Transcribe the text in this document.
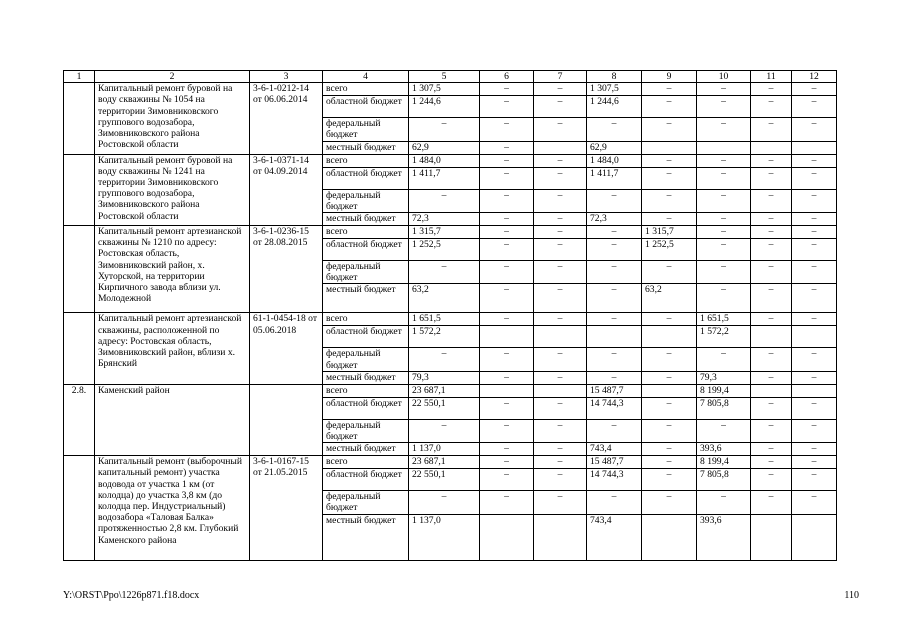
1	2	3	4	5	6	7	8	9	10	11	12
	Капитальный ремонт буровой на воду скважины № 1054 на территории Зимовниковского группового водозабора, Зимовниковского района Ростовской области	3-6-1-0212-14 от 06.06.2014	всего	1 307,5	–	–	1 307,5	–	–	–	–
			областной бюджет	1 244,6	–	–	1 244,6	–	–	–	–
			федеральный бюджет	–	–	–	–	–	–	–	–
			местный бюджет	62,9	–		62,9				
	Капитальный ремонт буровой на воду скважины № 1241 на территории Зимовниковского группового водозабора, Зимовниковского района Ростовской области	3-6-1-0371-14 от 04.09.2014	всего	1 484,0	–	–	1 484,0	–	–	–	–
			областной бюджет	1 411,7	–	–	1 411,7	–	–	–	–
			федеральный бюджет	–	–	–	–	–	–	–	–
			местный бюджет	72,3	–	–	72,3	–	–	–	–
	Капитальный ремонт артезианской скважины № 1210 по адресу: Ростовская область, Зимовниковский район, х. Хуторской, на территории Кирпичного завода вблизи ул. Молодежной	3-6-1-0236-15 от 28.08.2015	всего	1 315,7	–	–	–	1 315,7	–	–	–
			областной бюджет	1 252,5	–	–	–	1 252,5	–	–	–
			федеральный бюджет	–	–	–	–	–	–	–	–
			местный бюджет	63,2	–	–	–	63,2	–	–	–
	Капитальный ремонт артезианской скважины, расположенной по адресу: Ростовская область, Зимовниковский район, вблизи х. Брянский	61-1-0454-18 от 05.06.2018	всего	1 651,5	–	–	–	–	1 651,5	–	–
			областной бюджет	1 572,2					1 572,2		
			федеральный бюджет	–	–	–	–	–	–	–	–
			местный бюджет	79,3	–	–	–	–	79,3	–	–
2.8.	Каменский район		всего	23 687,1			15 487,7		8 199,4		
			областной бюджет	22 550,1	–	–	14 744,3	–	7 805,8	–	–
			федеральный бюджет	–	–	–	–	–	–	–	–
			местный бюджет	1 137,0	–	–	743,4	–	393,6	–	–
	Капитальный ремонт (выборочный капитальный ремонт) участка водовода от участка 1 км (от колодца) до участка 3,8 км (до колодца пер. Индустриальный) водозабора «Таловая Балка» протяженностью 2,8 км. Глубокий Каменского района	3-6-1-0167-15 от 21.05.2015	всего	23 687,1	–	–	15 487,7	–	8 199,4	–	–
			областной бюджет	22 550,1	–	–	14 744,3	–	7 805,8	–	–
			федеральный бюджет	–	–	–	–	–	–	–	–
			местный бюджет	1 137,0			743,4		393,6		
Y:\ORST\Ppo\1226p871.f18.docx	110
